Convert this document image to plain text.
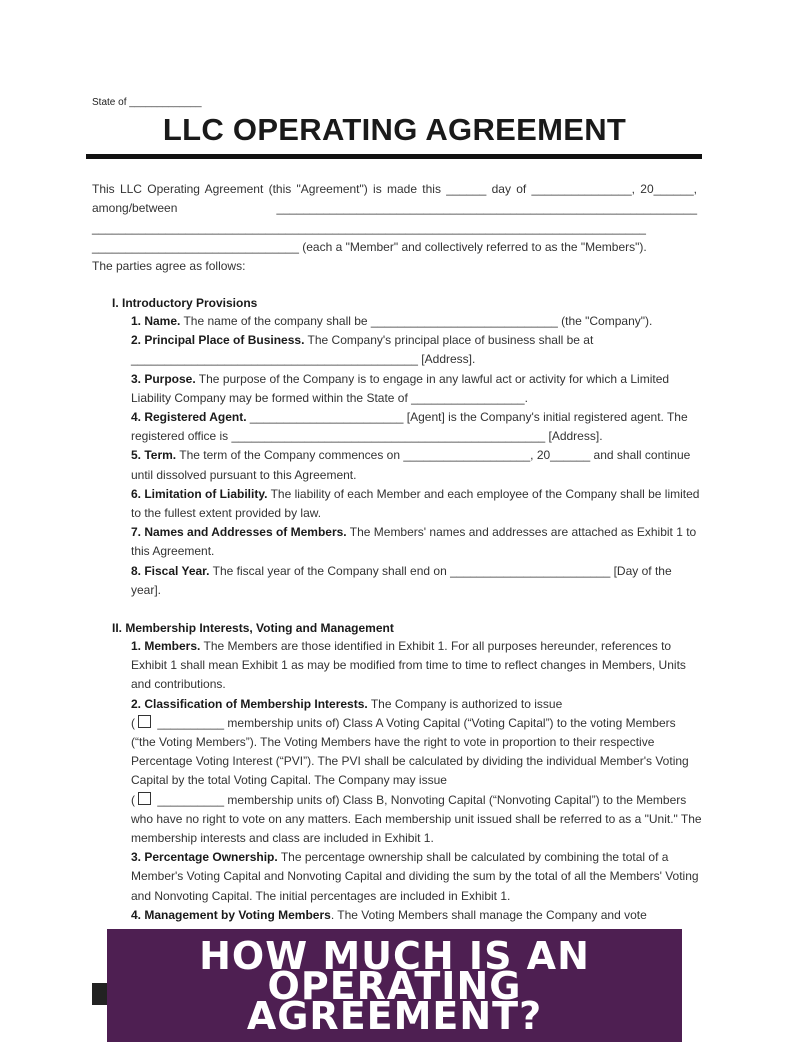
State of _____________
LLC OPERATING AGREEMENT

This LLC Operating Agreement (this "Agreement") is made this ______ day of _______________, 20______, among/between _______________________________________________________________ ___________________________________________________________________________________ _______________________________ (each a "Member" and collectively referred to as the "Members").

The parties agree as follows:

I. Introductory Provisions

1. Name. The name of the company shall be ____________________________ (the "Company").

2. Principal Place of Business. The Company's principal place of business shall be at ___________________________________________ [Address].

3. Purpose. The purpose of the Company is to engage in any lawful act or activity for which a Limited Liability Company may be formed within the State of _________________.

4. Registered Agent. _______________________ [Agent] is the Company's initial registered agent. The registered office is _______________________________________________ [Address].

5. Term. The term of the Company commences on ___________________, 20______ and shall continue until dissolved pursuant to this Agreement.

6. Limitation of Liability. The liability of each Member and each employee of the Company shall be limited to the fullest extent provided by law.

7. Names and Addresses of Members. The Members' names and addresses are attached as Exhibit 1 to this Agreement.

8. Fiscal Year. The fiscal year of the Company shall end on ________________________ [Day of the year].

II. Membership Interests, Voting and Management

1. Members. The Members are those identified in Exhibit 1. For all purposes hereunder, references to Exhibit 1 shall mean Exhibit 1 as may be modified from time to time to reflect changes in Members, Units and contributions.

2. Classification of Membership Interests. The Company is authorized to issue
( __________ membership units of) Class A Voting Capital (“Voting Capital”) to the voting Members (“the Voting Members”). The Voting Members have the right to vote in proportion to their respective Percentage Voting Interest (“PVI”). The PVI shall be calculated by dividing the individual Member's Voting Capital by the total Voting Capital. The Company may issue
( __________ membership units of) Class B, Nonvoting Capital (“Nonvoting Capital”) to the Members who have no right to vote on any matters. Each membership unit issued shall be referred to as a "Unit." The membership interests and class are included in Exhibit 1.

3. Percentage Ownership. The percentage ownership shall be calculated by combining the total of a Member's Voting Capital and Nonvoting Capital and dividing the sum by the total of all the Members' Voting and Nonvoting Capital. The initial percentages are included in Exhibit 1.

4. Management by Voting Members. The Voting Members shall manage the Company and vote

HOW MUCH IS AN OPERATING AGREEMENT?
